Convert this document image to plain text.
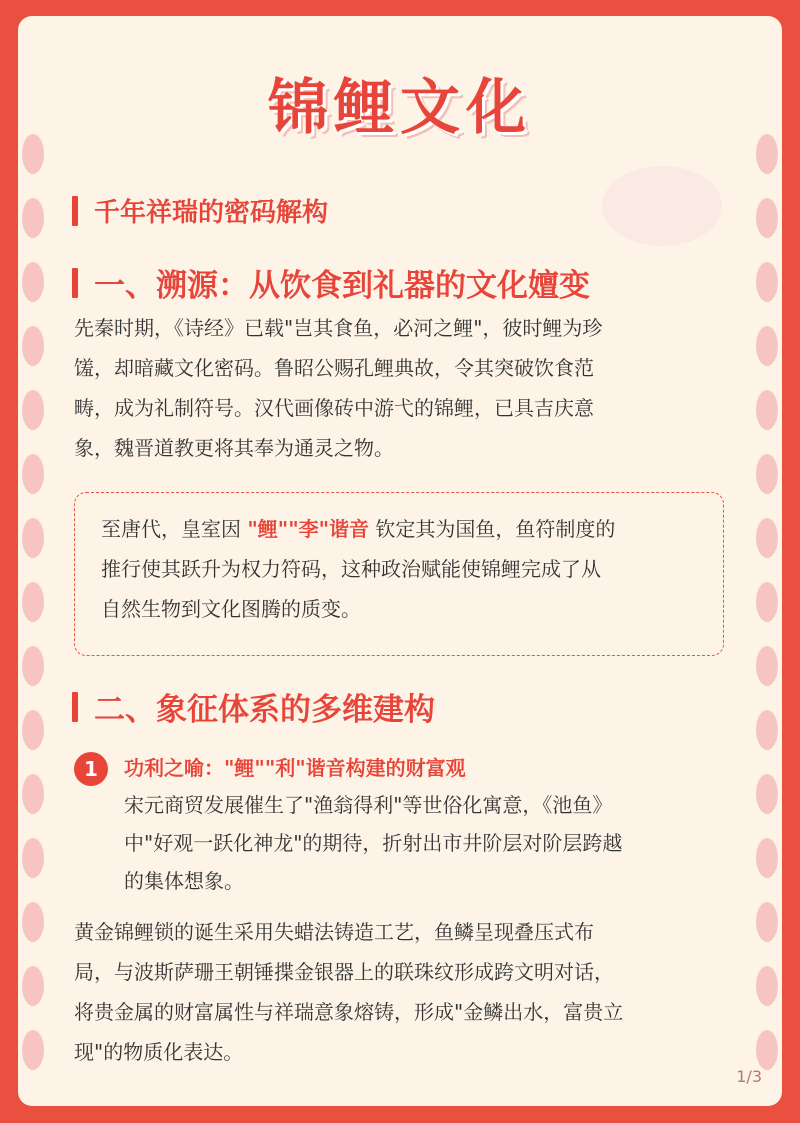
锦鲤文化
千年祥瑞的密码解构
一、溯源：从饮食到礼器的文化嬗变

先秦时期，《诗经》已载"岂其食鱼，必河之鲤"，彼时鲤为珍
馐，却暗藏文化密码。鲁昭公赐孔鲤典故，令其突破饮食范
畴，成为礼制符号。汉代画像砖中游弋的锦鲤，已具吉庆意
象，魏晋道教更将其奉为通灵之物。

至唐代，皇室因 "鲤""李"谐音 钦定其为国鱼，鱼符制度的
推行使其跃升为权力符码，这种政治赋能使锦鲤完成了从
自然生物到文化图腾的质变。
二、象征体系的多维建构
1	功利之喻："鲤""利"谐音构建的财富观

宋元商贸发展催生了"渔翁得利"等世俗化寓意，《池鱼》
中"好观一跃化神龙"的期待，折射出市井阶层对阶层跨越
的集体想象。

黄金锦鲤锁的诞生采用失蜡法铸造工艺，鱼鳞呈现叠压式布
局，与波斯萨珊王朝锤揲金银器上的联珠纹形成跨文明对话，
将贵金属的财富属性与祥瑞意象熔铸，形成"金鳞出水，富贵立
现"的物质化表达。

1/3
